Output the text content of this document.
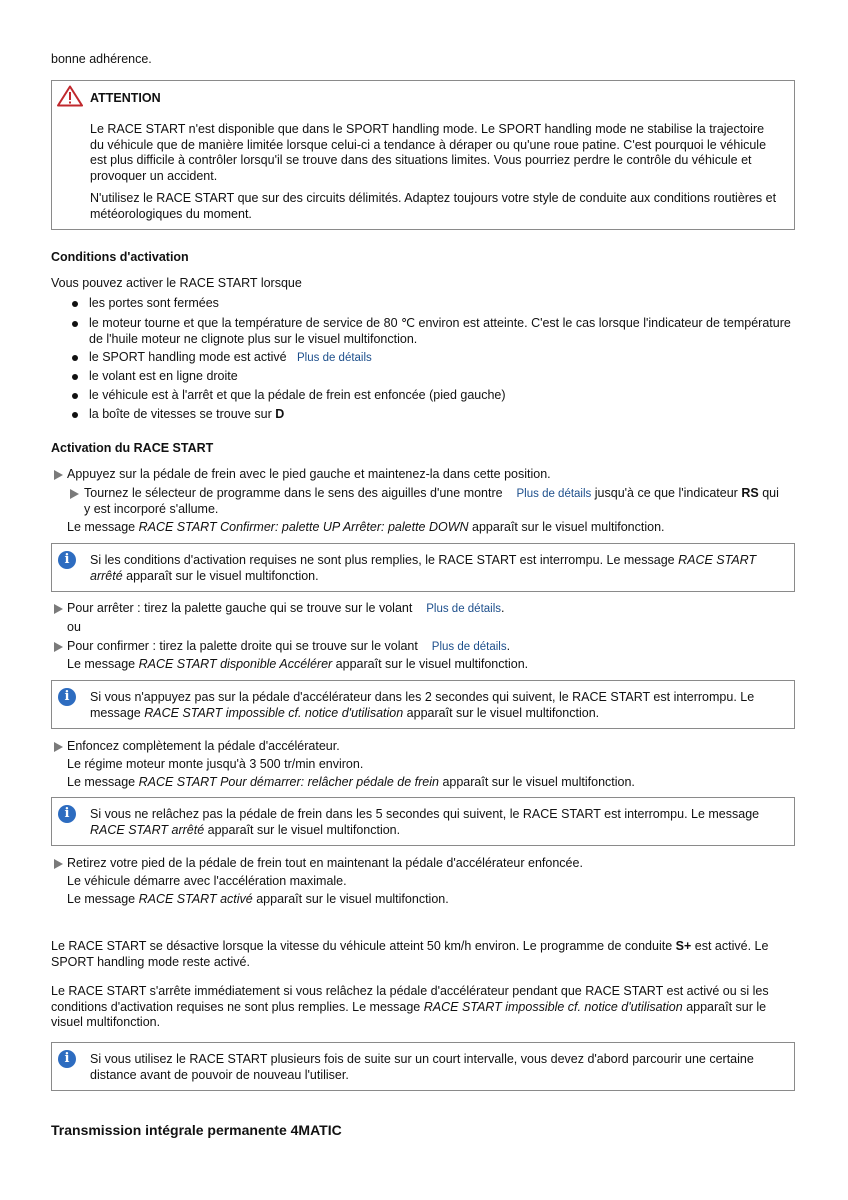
bonne adhérence.
ATTENTION

Le RACE START n'est disponible que dans le SPORT handling mode. Le SPORT handling mode ne stabilise la trajectoire du véhicule que de manière limitée lorsque celui-ci a tendance à déraper ou qu'une roue patine. C'est pourquoi le véhicule est plus difficile à contrôler lorsqu'il se trouve dans des situations limites. Vous pourriez perdre le contrôle du véhicule et provoquer un accident.

N'utilisez le RACE START que sur des circuits délimités. Adaptez toujours votre style de conduite aux conditions routières et météorologiques du moment.

Conditions d'activation
Vous pouvez activer le RACE START lorsque
les portes sont fermées
le moteur tourne et que la température de service de 80 ℃ environ est atteinte. C'est le cas lorsque l'indicateur de température de l'huile moteur ne clignote plus sur le visuel multifonction.
le SPORT handling mode est activé Plus de détails
le volant est en ligne droite
le véhicule est à l'arrêt et que la pédale de frein est enfoncée (pied gauche)
la boîte de vitesses se trouve sur D
Activation du RACE START
Appuyez sur la pédale de frein avec le pied gauche et maintenez-la dans cette position.
Tournez le sélecteur de programme dans le sens des aiguilles d'une montre Plus de détails jusqu'à ce que l'indicateur RS qui
y est incorporé s'allume.
Le message RACE START Confirmer: palette UP Arrêter: palette DOWN apparaît sur le visuel multifonction.
i	Si les conditions d'activation requises ne sont plus remplies, le RACE START est interrompu. Le message RACE START arrêté apparaît sur le visuel multifonction.
Pour arrêter : tirez la palette gauche qui se trouve sur le volant Plus de détails.
ou
Pour confirmer : tirez la palette droite qui se trouve sur le volant Plus de détails.
Le message RACE START disponible Accélérer apparaît sur le visuel multifonction.
i	Si vous n'appuyez pas sur la pédale d'accélérateur dans les 2 secondes qui suivent, le RACE START est interrompu. Le message RACE START impossible cf. notice d'utilisation apparaît sur le visuel multifonction.
Enfoncez complètement la pédale d'accélérateur.
Le régime moteur monte jusqu'à 3 500 tr/min environ.
Le message RACE START Pour démarrer: relâcher pédale de frein apparaît sur le visuel multifonction.
i	Si vous ne relâchez pas la pédale de frein dans les 5 secondes qui suivent, le RACE START est interrompu. Le message RACE START arrêté apparaît sur le visuel multifonction.
Retirez votre pied de la pédale de frein tout en maintenant la pédale d'accélérateur enfoncée.
Le véhicule démarre avec l'accélération maximale.
Le message RACE START activé apparaît sur le visuel multifonction.
Le RACE START se désactive lorsque la vitesse du véhicule atteint 50 km/h environ. Le programme de conduite S+ est activé. Le SPORT handling mode reste activé.
Le RACE START s'arrête immédiatement si vous relâchez la pédale d'accélérateur pendant que RACE START est activé ou si les conditions d'activation requises ne sont plus remplies. Le message RACE START impossible cf. notice d'utilisation apparaît sur le visuel multifonction.
i	Si vous utilisez le RACE START plusieurs fois de suite sur un court intervalle, vous devez d'abord parcourir une certaine distance avant de pouvoir de nouveau l'utiliser.
Transmission intégrale permanente 4MATIC
